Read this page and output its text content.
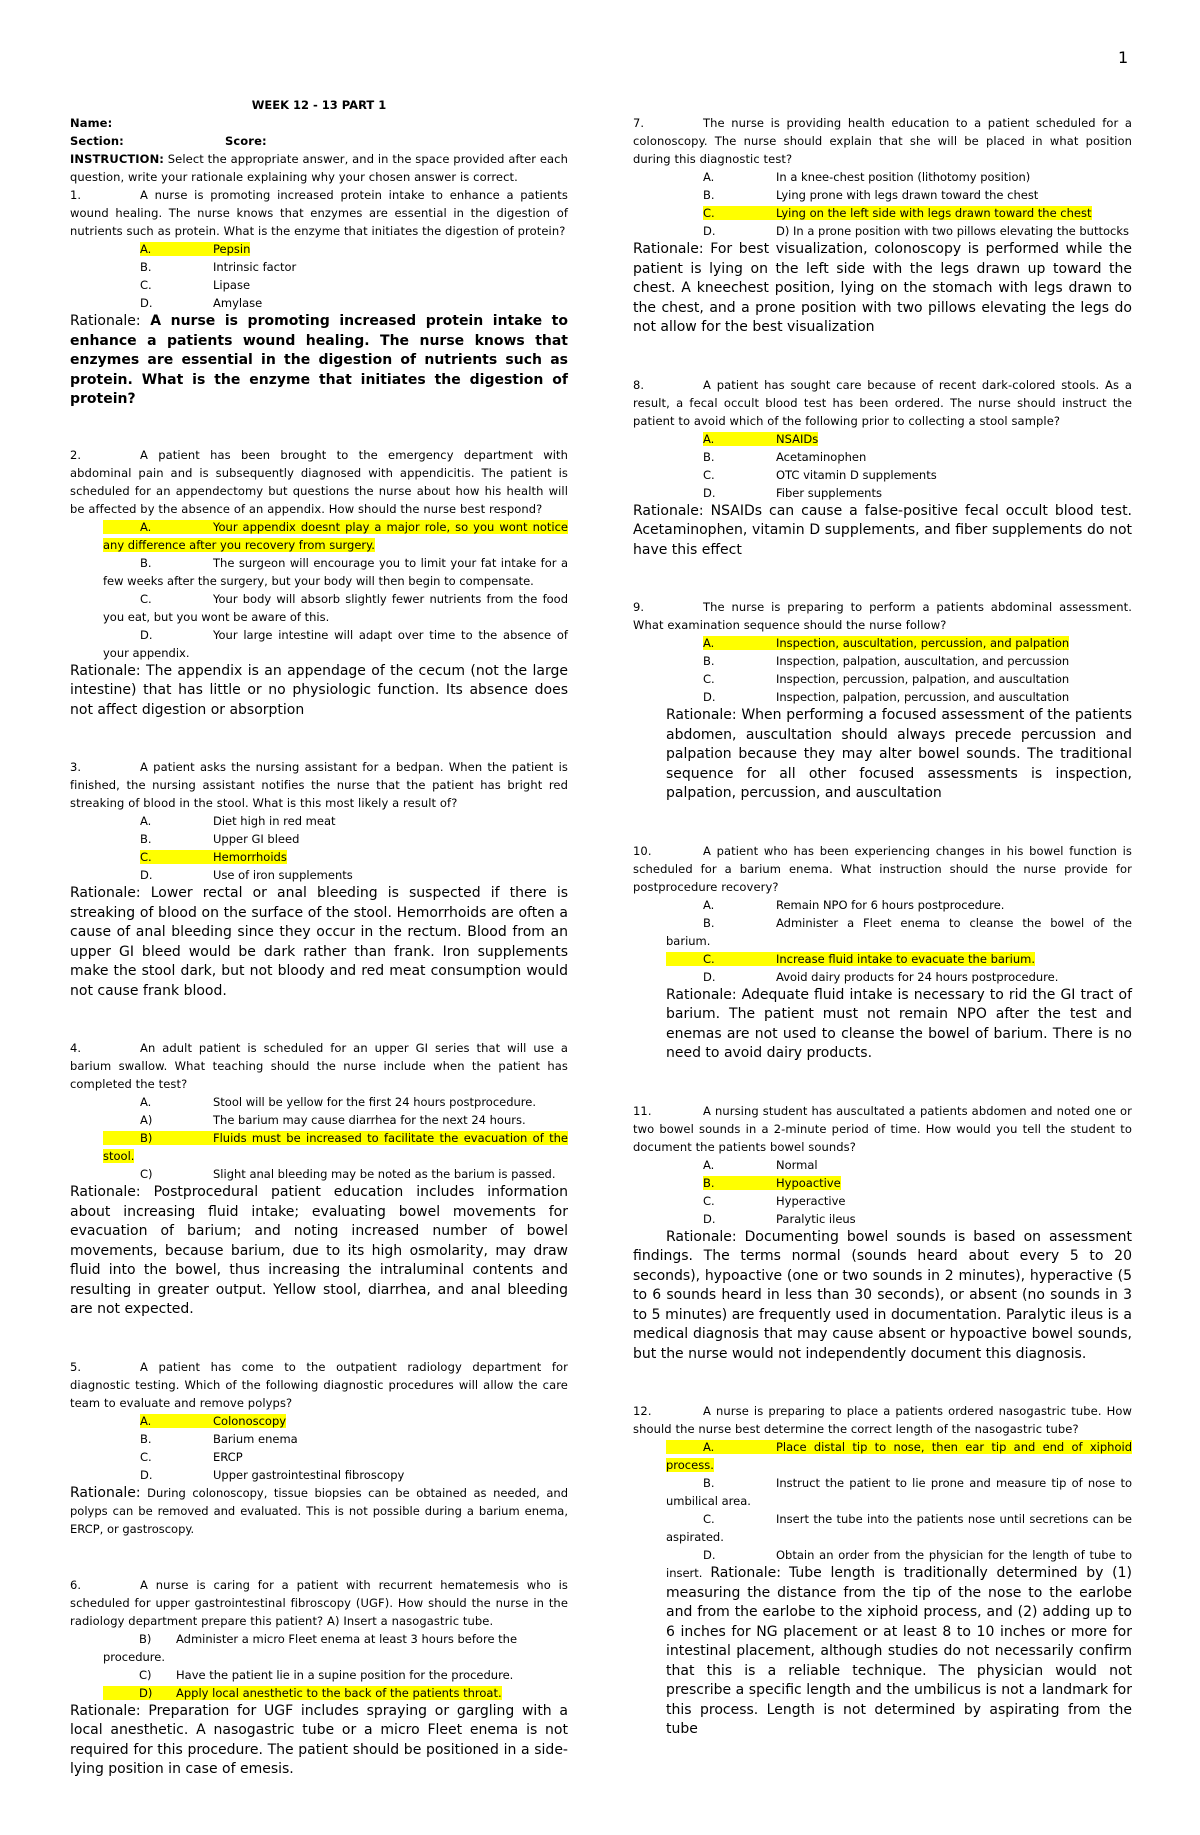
1
WEEK 12 - 13 PART 1

Name:

Section:	Score:

INSTRUCTION: Select the appropriate answer, and in the space provided after each question, write your rationale explaining why your chosen answer is correct.

1.	A nurse is promoting increased protein intake to enhance a patients wound healing. The nurse knows that enzymes are essential in the digestion of nutrients such as protein. What is the enzyme that initiates the digestion of protein?

A.	Pepsin

B.	Intrinsic factor

C.	Lipase

D.	Amylase

Rationale: A nurse is promoting increased protein intake to enhance a patients wound healing. The nurse knows that enzymes are essential in the digestion of nutrients such as protein. What is the enzyme that initiates the digestion of protein?

2.	A patient has been brought to the emergency department with abdominal pain and is subsequently diagnosed with appendicitis. The patient is scheduled for an appendectomy but questions the nurse about how his health will be affected by the absence of an appendix. How should the nurse best respond?

A.	Your appendix doesnt play a major role, so you wont notice any difference after you recovery from surgery.

B.	The surgeon will encourage you to limit your fat intake for a few weeks after the surgery, but your body will then begin to compensate.

C.	Your body will absorb slightly fewer nutrients from the food you eat, but you wont be aware of this.

D.	Your large intestine will adapt over time to the absence of your appendix.

Rationale: The appendix is an appendage of the cecum (not the large intestine) that has little or no physiologic function. Its absence does not affect digestion or absorption

3.	A patient asks the nursing assistant for a bedpan. When the patient is finished, the nursing assistant notifies the nurse that the patient has bright red streaking of blood in the stool. What is this most likely a result of?

A.	Diet high in red meat

B.	Upper GI bleed

C.	Hemorrhoids

D.	Use of iron supplements

Rationale: Lower rectal or anal bleeding is suspected if there is streaking of blood on the surface of the stool. Hemorrhoids are often a cause of anal bleeding since they occur in the rectum. Blood from an upper GI bleed would be dark rather than frank. Iron supplements make the stool dark, but not bloody and red meat consumption would not cause frank blood.

4.	An adult patient is scheduled for an upper GI series that will use a barium swallow. What teaching should the nurse include when the patient has completed the test?

A.	Stool will be yellow for the first 24 hours postprocedure.

A)	The barium may cause diarrhea for the next 24 hours.

B)	Fluids must be increased to facilitate the evacuation of the stool.

C)	Slight anal bleeding may be noted as the barium is passed.

Rationale: Postprocedural patient education includes information about increasing fluid intake; evaluating bowel movements for evacuation of barium; and noting increased number of bowel movements, because barium, due to its high osmolarity, may draw fluid into the bowel, thus increasing the intraluminal contents and resulting in greater output. Yellow stool, diarrhea, and anal bleeding are not expected.

5.	A patient has come to the outpatient radiology department for diagnostic testing. Which of the following diagnostic procedures will allow the care team to evaluate and remove polyps?

A.	Colonoscopy

B.	Barium enema

C.	ERCP

D.	Upper gastrointestinal fibroscopy

Rationale: During colonoscopy, tissue biopsies can be obtained as needed, and polyps can be removed and evaluated. This is not possible during a barium enema, ERCP, or gastroscopy.

6.	A nurse is caring for a patient with recurrent hematemesis who is scheduled for upper gastrointestinal fibroscopy (UGF). How should the nurse in the radiology department prepare this patient? A) Insert a nasogastric tube.

B) Administer a micro Fleet enema at least 3 hours before the procedure.

C) Have the patient lie in a supine position for the procedure.

D) Apply local anesthetic to the back of the patients throat.

Rationale: Preparation for UGF includes spraying or gargling with a local anesthetic. A nasogastric tube or a micro Fleet enema is not required for this procedure. The patient should be positioned in a side-lying position in case of emesis.

7.	The nurse is providing health education to a patient scheduled for a colonoscopy. The nurse should explain that she will be placed in what position during this diagnostic test?

A.	In a knee-chest position (lithotomy position)

B.	Lying prone with legs drawn toward the chest

C.	Lying on the left side with legs drawn toward the chest

D.	D) In a prone position with two pillows elevating the buttocks

Rationale: For best visualization, colonoscopy is performed while the patient is lying on the left side with the legs drawn up toward the chest. A kneechest position, lying on the stomach with legs drawn to the chest, and a prone position with two pillows elevating the legs do not allow for the best visualization

8.	A patient has sought care because of recent dark-colored stools. As a result, a fecal occult blood test has been ordered. The nurse should instruct the patient to avoid which of the following prior to collecting a stool sample?

A.	NSAIDs

B.	Acetaminophen

C.	OTC vitamin D supplements

D.	Fiber supplements

Rationale: NSAIDs can cause a false-positive fecal occult blood test. Acetaminophen, vitamin D supplements, and fiber supplements do not have this effect

9.	The nurse is preparing to perform a patients abdominal assessment. What examination sequence should the nurse follow?

A.	Inspection, auscultation, percussion, and palpation

B.	Inspection, palpation, auscultation, and percussion

C.	Inspection, percussion, palpation, and auscultation

D.	Inspection, palpation, percussion, and auscultation

Rationale: When performing a focused assessment of the patients abdomen, auscultation should always precede percussion and palpation because they may alter bowel sounds. The traditional sequence for all other focused assessments is inspection, palpation, percussion, and auscultation

10.	A patient who has been experiencing changes in his bowel function is scheduled for a barium enema. What instruction should the nurse provide for postprocedure recovery?

A.	Remain NPO for 6 hours postprocedure.

B.	Administer a Fleet enema to cleanse the bowel of the barium.

C.	Increase fluid intake to evacuate the barium.

D.	Avoid dairy products for 24 hours postprocedure.

Rationale: Adequate fluid intake is necessary to rid the GI tract of barium. The patient must not remain NPO after the test and enemas are not used to cleanse the bowel of barium. There is no need to avoid dairy products.

11.	A nursing student has auscultated a patients abdomen and noted one or two bowel sounds in a 2-minute period of time. How would you tell the student to document the patients bowel sounds?

A.	Normal

B.	Hypoactive

C.	Hyperactive

D.	Paralytic ileus

Rationale: Documenting bowel sounds is based on assessment findings. The terms normal (sounds heard about every 5 to 20 seconds), hypoactive (one or two sounds in 2 minutes), hyperactive (5 to 6 sounds heard in less than 30 seconds), or absent (no sounds in 3 to 5 minutes) are frequently used in documentation. Paralytic ileus is a medical diagnosis that may cause absent or hypoactive bowel sounds, but the nurse would not independently document this diagnosis.

12.	A nurse is preparing to place a patients ordered nasogastric tube. How should the nurse best determine the correct length of the nasogastric tube?

A.	Place distal tip to nose, then ear tip and end of xiphoid process.

B.	Instruct the patient to lie prone and measure tip of nose to umbilical area.

C.	Insert the tube into the patients nose until secretions can be aspirated.

D.	Obtain an order from the physician for the length of tube to insert. Rationale: Tube length is traditionally determined by (1) measuring the distance from the tip of the nose to the earlobe and from the earlobe to the xiphoid process, and (2) adding up to 6 inches for NG placement or at least 8 to 10 inches or more for intestinal placement, although studies do not necessarily confirm that this is a reliable technique. The physician would not prescribe a specific length and the umbilicus is not a landmark for this process. Length is not determined by aspirating from the tube
